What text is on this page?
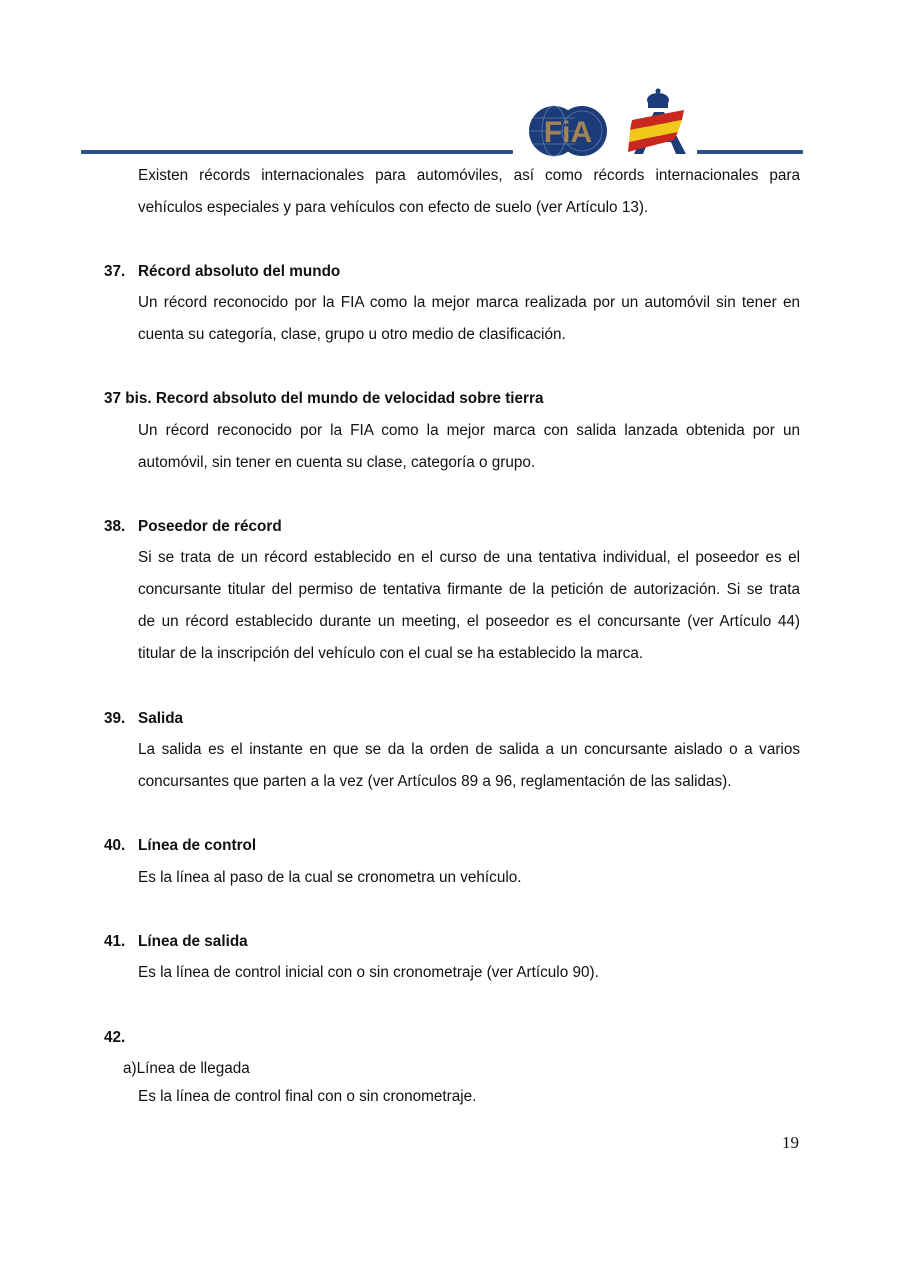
FiA
Existen récords internacionales para automóviles, así como récords internacionales para
vehículos especiales y para vehículos con efecto de suelo (ver Artículo 13).
37. Récord absoluto del mundo
Un récord reconocido por la FIA como la mejor marca realizada por un automóvil sin tener en
cuenta su categoría, clase, grupo u otro medio de clasificación.
37 bis. Record absoluto del mundo de velocidad sobre tierra
Un récord reconocido por la FIA como la mejor marca con salida lanzada obtenida por un
automóvil, sin tener en cuenta su clase, categoría o grupo.
38. Poseedor de récord
Si se trata de un récord establecido en el curso de una tentativa individual, el poseedor es el
concursante titular del permiso de tentativa firmante de la petición de autorización. Si se trata
de un récord establecido durante un meeting, el poseedor es el concursante (ver Artículo 44)
titular de la inscripción del vehículo con el cual se ha establecido la marca.
39. Salida
La salida es el instante en que se da la orden de salida a un concursante aislado o a varios
concursantes que parten a la vez (ver Artículos 89 a 96, reglamentación de las salidas).
40. Línea de control
Es la línea al paso de la cual se cronometra un vehículo.
41. Línea de salida
Es la línea de control inicial con o sin cronometraje (ver Artículo 90).
42.
a)Línea de llegada
Es la línea de control final con o sin cronometraje.
19
